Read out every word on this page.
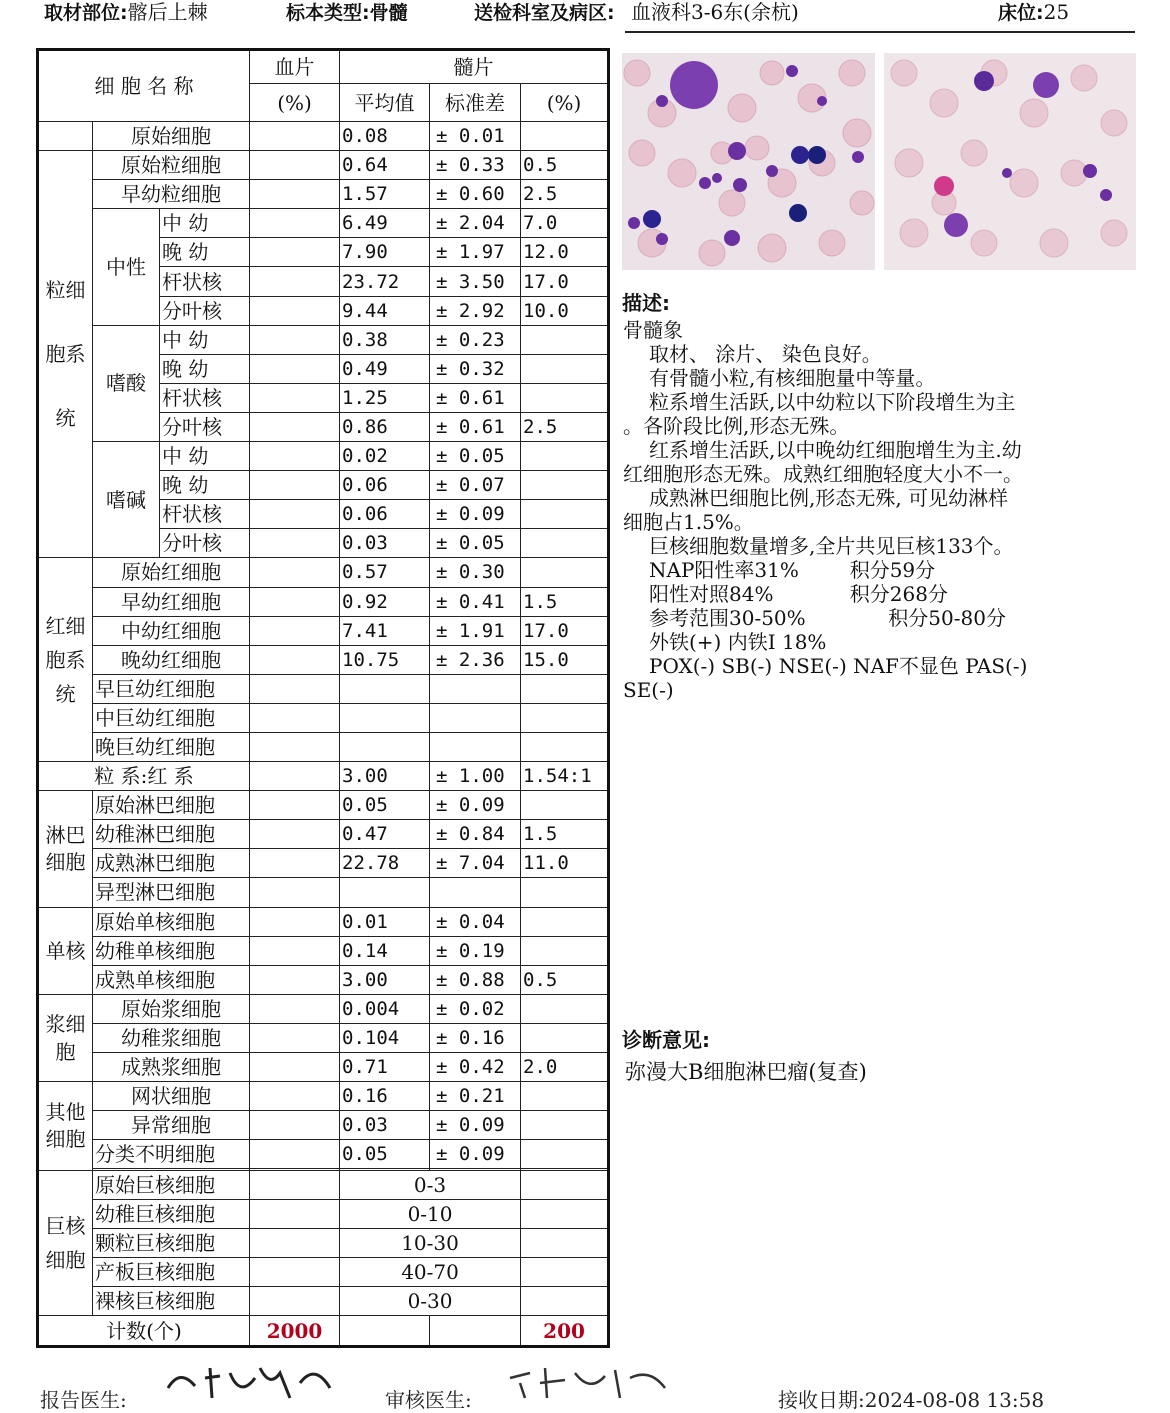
取材部位:髂后上棘	标本类型:骨髓	送检科室及病区: 血液科3-6东(余杭)	床位:25
细 胞 名 称			血片	髓片		
			(%)	平均值	标准差	(%)
	原始细胞			0.08	± 0.01	
粒细胞系统	原始粒细胞			0.64	± 0.33	0.5
	早幼粒细胞			1.57	± 0.60	2.5
	中性	中 幼		6.49	± 2.04	7.0
		晚 幼		7.90	± 1.97	12.0
		杆状核		23.72	± 3.50	17.0
		分叶核		9.44	± 2.92	10.0
	嗜酸	中 幼		0.38	± 0.23	
		晚 幼		0.49	± 0.32	
		杆状核		1.25	± 0.61	
		分叶核		0.86	± 0.61	2.5
	嗜碱	中 幼		0.02	± 0.05	
		晚 幼		0.06	± 0.07	
		杆状核		0.06	± 0.09	
		分叶核		0.03	± 0.05	
红细胞系统	原始红细胞			0.57	± 0.30	
	早幼红细胞			0.92	± 0.41	1.5
	中幼红细胞			7.41	± 1.91	17.0
	晚幼红细胞			10.75	± 2.36	15.0
	早巨幼红细胞					
	中巨幼红细胞					
	晚巨幼红细胞					
粒 系:红 系				3.00	± 1.00	1.54:1
淋巴细胞	原始淋巴细胞			0.05	± 0.09	
	幼稚淋巴细胞			0.47	± 0.84	1.5
	成熟淋巴细胞			22.78	± 7.04	11.0
	异型淋巴细胞					
单核	原始单核细胞			0.01	± 0.04	
	幼稚单核细胞			0.14	± 0.19	
	成熟单核细胞			3.00	± 0.88	0.5
浆细胞	原始浆细胞			0.004	± 0.02	
	幼稚浆细胞			0.104	± 0.16	
	成熟浆细胞			0.71	± 0.42	2.0
其他细胞	网状细胞			0.16	± 0.21	
	异常细胞			0.03	± 0.09	
	分类不明细胞			0.05	± 0.09	

巨核细胞	原始巨核细胞			0-3		
	幼稚巨核细胞			0-10		
	颗粒巨核细胞			10-30		
	产板巨核细胞			40-70		
	裸核巨核细胞			0-30		
计数(个)			2000			200
描述:
骨髓象
取材、 涂片、 染色良好。
有骨髓小粒,有核细胞量中等量。
粒系增生活跃,以中幼粒以下阶段增生为主
。各阶段比例,形态无殊。
红系增生活跃,以中晚幼红细胞增生为主.幼
红细胞形态无殊。成熟红细胞轻度大小不一。
成熟淋巴细胞比例,形态无殊, 可见幼淋样
细胞占1.5%。
巨核细胞数量增多,全片共见巨核133个。
NAP阳性率31%        积分59分
阳性对照84%            积分268分
参考范围30-50%             积分50-80分
外铁(+) 内铁Ⅰ 18%
POX(-) SB(-) NSE(-) NAF不显色 PAS(-)
SE(-)
诊断意见:
弥漫大B细胞淋巴瘤(复查)
报告医生:	审核医生:	接收日期:2024-08-08 13:58
